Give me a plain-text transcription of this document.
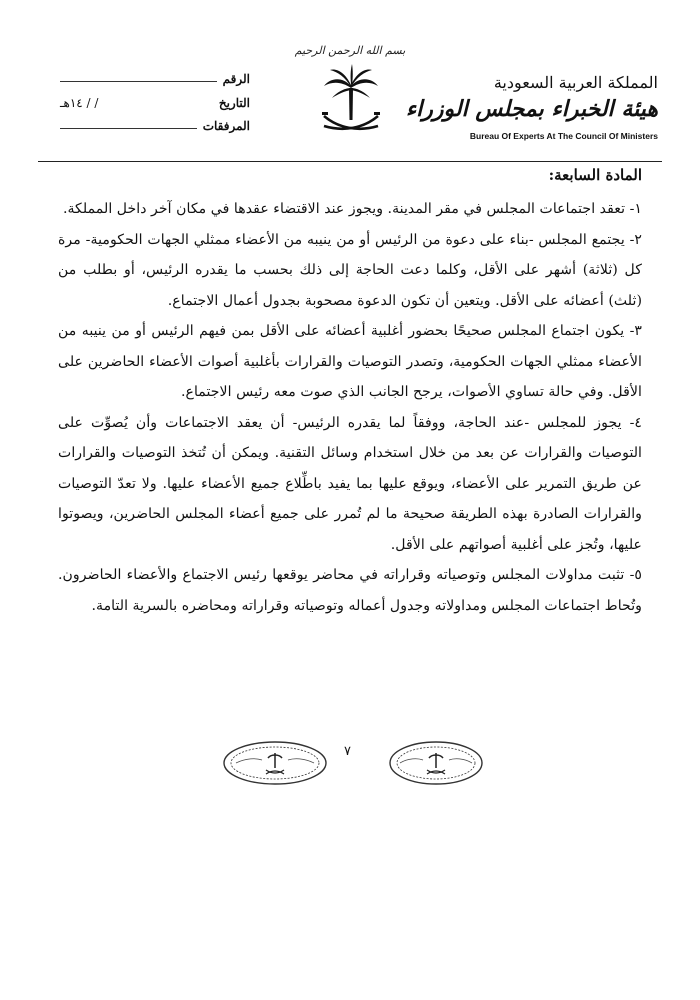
بسم الله الرحمن الرحيم
المملكة العربية السعودية
هيئة الخبراء بمجلس الوزراء
Bureau Of Experts At The Council Of Ministers
الرقم
التاريخ
/ / ١٤هـ
المرفقات
المادة السابعة:

١- تعقد اجتماعات المجلس في مقر المدينة. ويجوز عند الاقتضاء عقدها في مكان آخر داخل المملكة.

٢- يجتمع المجلس -بناء على دعوة من الرئيس أو من ينيبه من الأعضاء ممثلي الجهات الحكومية- مرة كل (ثلاثة) أشهر على الأقل، وكلما دعت الحاجة إلى ذلك بحسب ما يقدره الرئيس، أو بطلب من (ثلث) أعضائه على الأقل. ويتعين أن تكون الدعوة مصحوبة بجدول أعمال الاجتماع.

٣- يكون اجتماع المجلس صحيحًا بحضور أغلبية أعضائه على الأقل بمن فيهم الرئيس أو من ينيبه من الأعضاء ممثلي الجهات الحكومية، وتصدر التوصيات والقرارات بأغلبية أصوات الأعضاء الحاضرين على الأقل. وفي حالة تساوي الأصوات، يرجح الجانب الذي صوت معه رئيس الاجتماع.

٤- يجوز للمجلس -عند الحاجة، ووفقاً لما يقدره الرئيس- أن يعقد الاجتماعات وأن يُصوِّت على التوصيات والقرارات عن بعد من خلال استخدام وسائل التقنية. ويمكن أن تُتخذ التوصيات والقرارات عن طريق التمرير على الأعضاء، ويوقع عليها بما يفيد باطِّلاع جميع الأعضاء عليها. ولا تعدّ التوصيات والقرارات الصادرة بهذه الطريقة صحيحة ما لم تُمرر على جميع أعضاء المجلس الحاضرين، ويصوتوا عليها، وتُجز على أغلبية أصواتهم على الأقل.

٥- تثبت مداولات المجلس وتوصياته وقراراته في محاضر يوقعها رئيس الاجتماع والأعضاء الحاضرون. وتُحاط اجتماعات المجلس ومداولاته وجدول أعماله وتوصياته وقراراته ومحاضره بالسرية التامة.

٧
